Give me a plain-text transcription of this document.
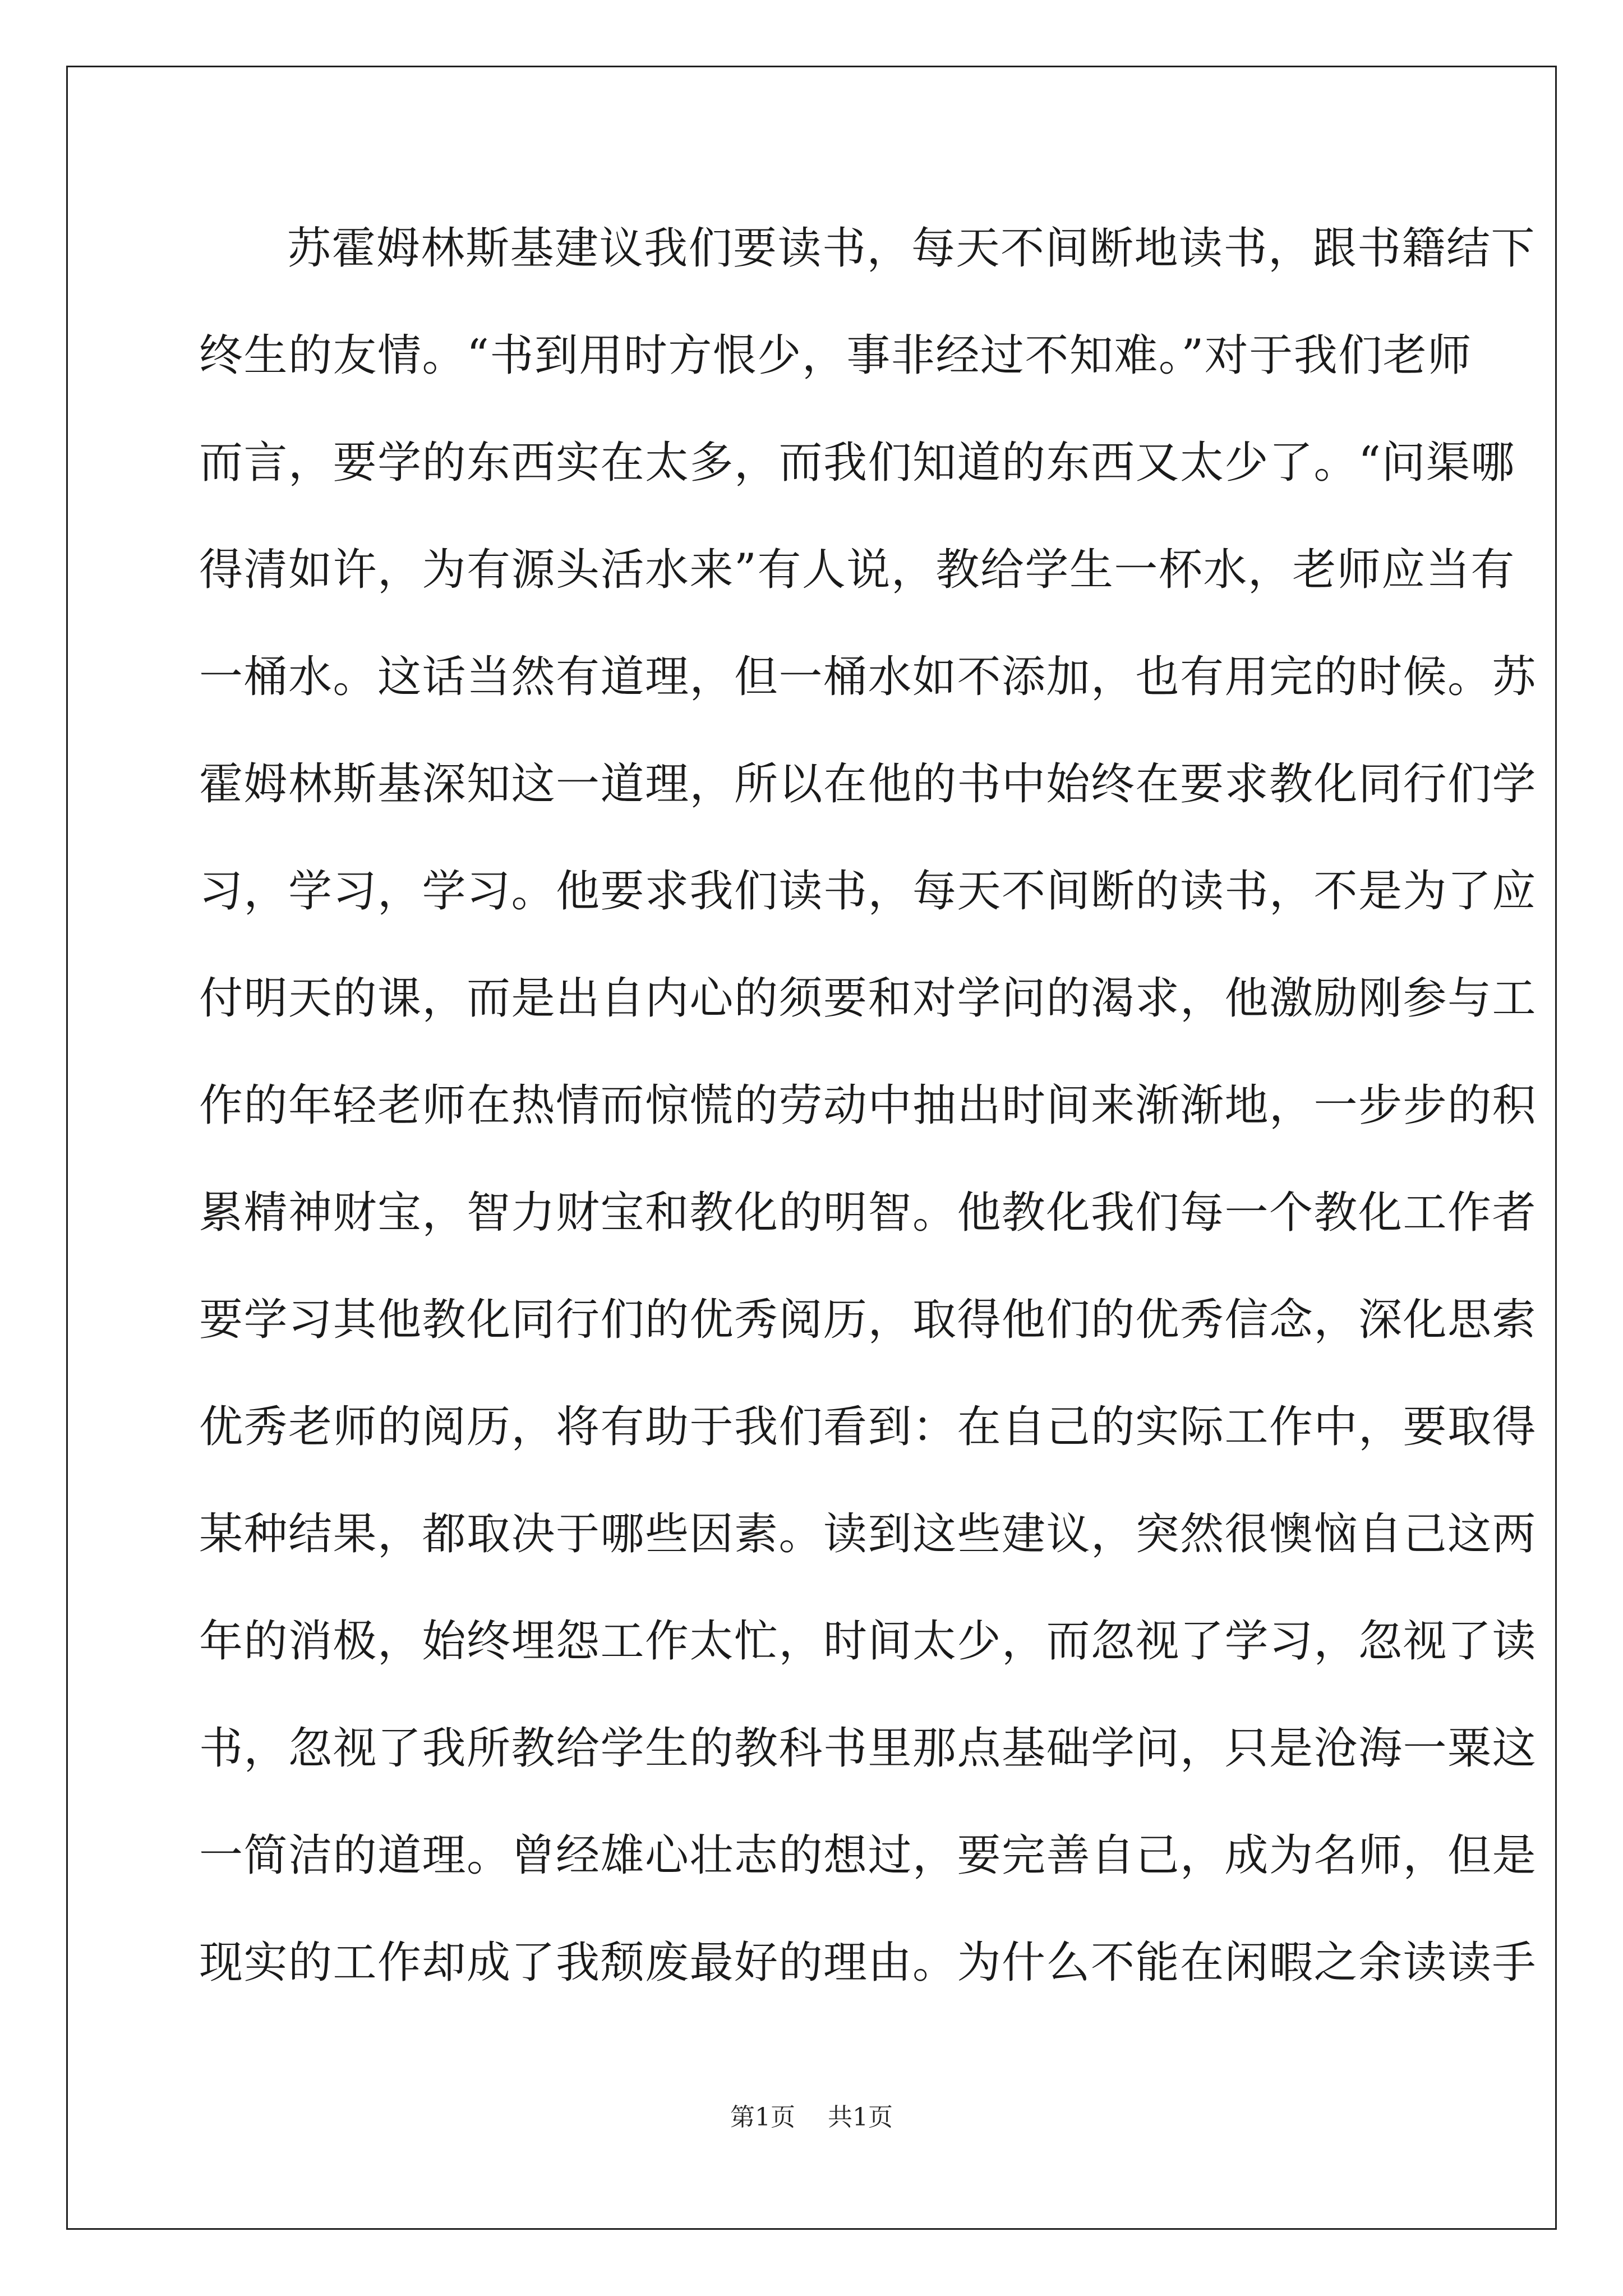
苏霍姆林斯基建议我们要读书，每天不间断地读书，跟书籍结下
终生的友情。“书到用时方恨少，事非经过不知难。”对于我们老师
而言，要学的东西实在太多，而我们知道的东西又太少了。“问渠哪
得清如许，为有源头活水来”有人说，教给学生一杯水，老师应当有
一桶水。这话当然有道理，但一桶水如不添加，也有用完的时候。苏
霍姆林斯基深知这一道理，所以在他的书中始终在要求教化同行们学
习，学习，学习。他要求我们读书，每天不间断的读书，不是为了应
付明天的课，而是出自内心的须要和对学问的渴求，他激励刚参与工
作的年轻老师在热情而惊慌的劳动中抽出时间来渐渐地，一步步的积
累精神财宝，智力财宝和教化的明智。他教化我们每一个教化工作者
要学习其他教化同行们的优秀阅历，取得他们的优秀信念，深化思索
优秀老师的阅历，将有助于我们看到：在自己的实际工作中，要取得
某种结果，都取决于哪些因素。读到这些建议，突然很懊恼自己这两
年的消极，始终埋怨工作太忙，时间太少，而忽视了学习，忽视了读
书，忽视了我所教给学生的教科书里那点基础学问，只是沧海一粟这
一简洁的道理。曾经雄心壮志的想过，要完善自己，成为名师，但是
现实的工作却成了我颓废最好的理由。为什么不能在闲暇之余读读手
第1页 共1页
